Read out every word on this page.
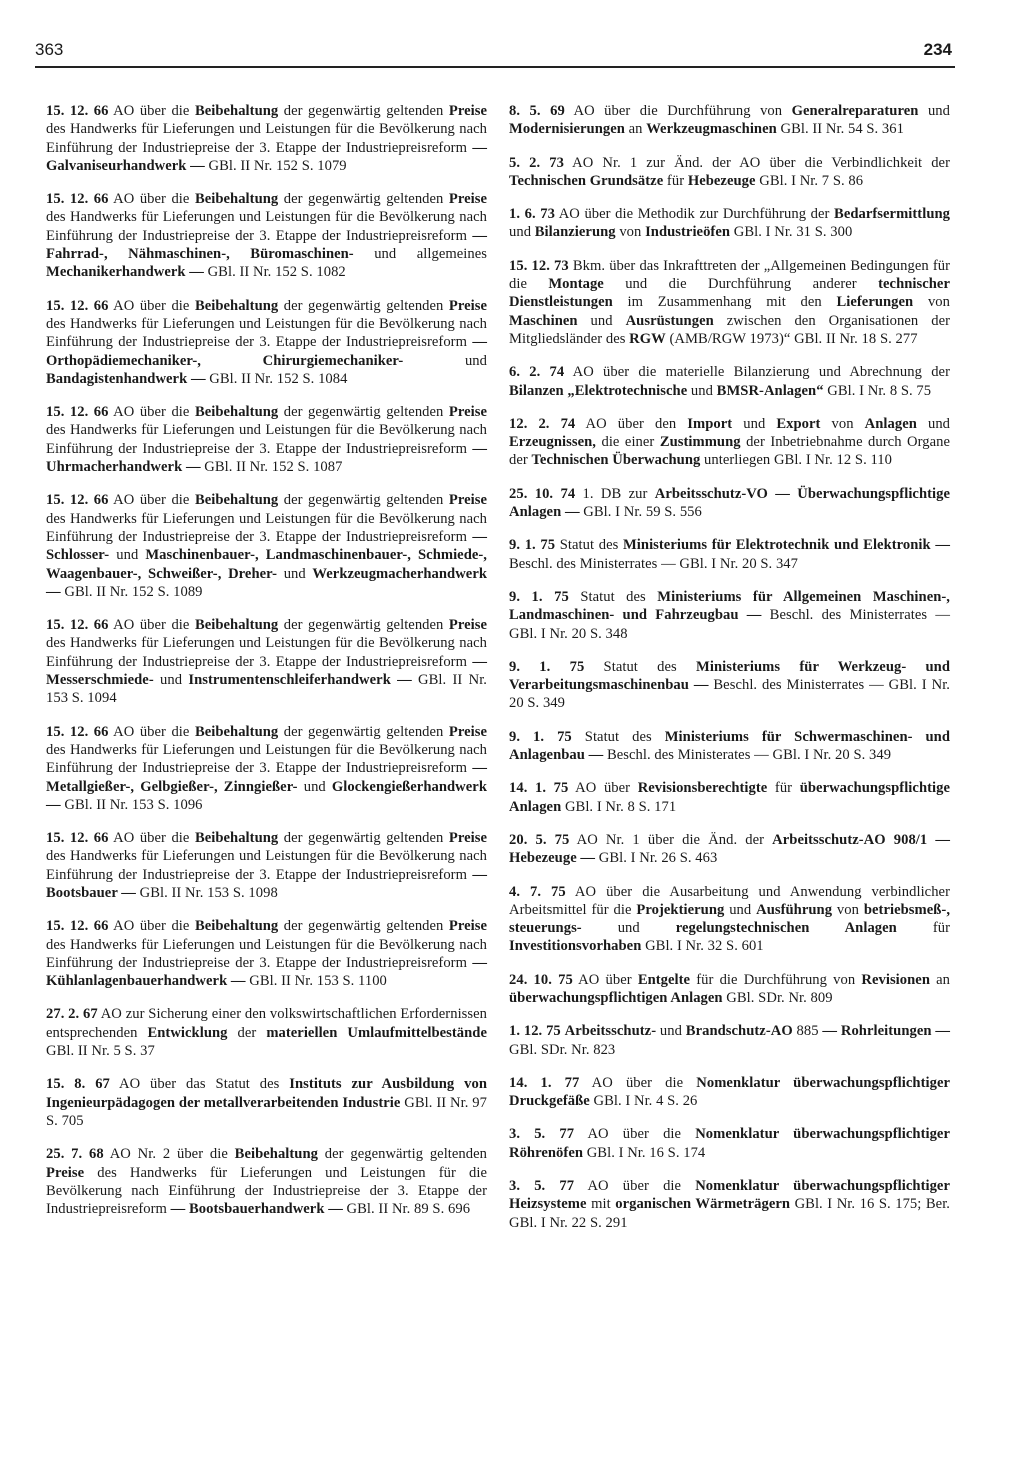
363	234

15. 12. 66 AO über die Beibehaltung der gegenwärtig geltenden Preise des Handwerks für Lieferungen und Leistungen für die Bevölkerung nach Einführung der Industriepreise der 3. Etappe der Industriepreisreform — Galvaniseurhandwerk — GBl. II Nr. 152 S. 1079

15. 12. 66 AO über die Beibehaltung der gegenwärtig geltenden Preise des Handwerks für Lieferungen und Leistungen für die Bevölkerung nach Einführung der Industriepreise der 3. Etappe der Industriepreisreform — Fahrrad-, Nähmaschinen-, Büromaschinen- und allgemeines Mechanikerhandwerk — GBl. II Nr. 152 S. 1082

15. 12. 66 AO über die Beibehaltung der gegenwärtig geltenden Preise des Handwerks für Lieferungen und Leistungen für die Bevölkerung nach Einführung der Industriepreise der 3. Etappe der Industriepreisreform — Orthopädiemechaniker-, Chirurgiemechaniker- und Bandagistenhandwerk — GBl. II Nr. 152 S. 1084

15. 12. 66 AO über die Beibehaltung der gegenwärtig geltenden Preise des Handwerks für Lieferungen und Leistungen für die Bevölkerung nach Einführung der Industriepreise der 3. Etappe der Industriepreisreform — Uhrmacherhandwerk — GBl. II Nr. 152 S. 1087

15. 12. 66 AO über die Beibehaltung der gegenwärtig geltenden Preise des Handwerks für Lieferungen und Leistungen für die Bevölkerung nach Einführung der Industriepreise der 3. Etappe der Industriepreisreform — Schlosser- und Maschinenbauer-, Landmaschinenbauer-, Schmiede-, Waagenbauer-, Schweißer-, Dreher- und Werkzeugmacherhandwerk — GBl. II Nr. 152 S. 1089

15. 12. 66 AO über die Beibehaltung der gegenwärtig geltenden Preise des Handwerks für Lieferungen und Leistungen für die Bevölkerung nach Einführung der Industriepreise der 3. Etappe der Industriepreisreform — Messerschmiede- und Instrumentenschleiferhandwerk — GBl. II Nr. 153 S. 1094

15. 12. 66 AO über die Beibehaltung der gegenwärtig geltenden Preise des Handwerks für Lieferungen und Leistungen für die Bevölkerung nach Einführung der Industriepreise der 3. Etappe der Industriepreisreform — Metallgießer-, Gelbgießer-, Zinngießer- und Glockengießerhandwerk — GBl. II Nr. 153 S. 1096

15. 12. 66 AO über die Beibehaltung der gegenwärtig geltenden Preise des Handwerks für Lieferungen und Leistungen für die Bevölkerung nach Einführung der Industriepreise der 3. Etappe der Industriepreisreform — Bootsbauer — GBl. II Nr. 153 S. 1098

15. 12. 66 AO über die Beibehaltung der gegenwärtig geltenden Preise des Handwerks für Lieferungen und Leistungen für die Bevölkerung nach Einführung der Industriepreise der 3. Etappe der Industriepreisreform — Kühlanlagenbauerhandwerk — GBl. II Nr. 153 S. 1100

27. 2. 67 AO zur Sicherung einer den volkswirtschaftlichen Erfordernissen entsprechenden Entwicklung der materiellen Umlaufmittelbestände GBl. II Nr. 5 S. 37

15. 8. 67 AO über das Statut des Instituts zur Ausbildung von Ingenieurpädagogen der metallverarbeitenden Industrie GBl. II Nr. 97 S. 705

25. 7. 68 AO Nr. 2 über die Beibehaltung der gegenwärtig geltenden Preise des Handwerks für Lieferungen und Leistungen für die Bevölkerung nach Einführung der Industriepreise der 3. Etappe der Industriepreisreform — Bootsbauerhandwerk — GBl. II Nr. 89 S. 696

8. 5. 69 AO über die Durchführung von Generalreparaturen und Modernisierungen an Werkzeugmaschinen GBl. II Nr. 54 S. 361

5. 2. 73 AO Nr. 1 zur Änd. der AO über die Verbindlichkeit der Technischen Grundsätze für Hebezeuge GBl. I Nr. 7 S. 86

1. 6. 73 AO über die Methodik zur Durchführung der Bedarfsermittlung und Bilanzierung von Industrieöfen GBl. I Nr. 31 S. 300

15. 12. 73 Bkm. über das Inkrafttreten der „Allgemeinen Bedingungen für die Montage und die Durchführung anderer technischer Dienstleistungen im Zusammenhang mit den Lieferungen von Maschinen und Ausrüstungen zwischen den Organisationen der Mitgliedsländer des RGW (AMB/RGW 1973)“ GBl. II Nr. 18 S. 277

6. 2. 74 AO über die materielle Bilanzierung und Abrechnung der Bilanzen „Elektrotechnische und BMSR-Anlagen“ GBl. I Nr. 8 S. 75

12. 2. 74 AO über den Import und Export von Anlagen und Erzeugnissen, die einer Zustimmung der Inbetriebnahme durch Organe der Technischen Überwachung unterliegen GBl. I Nr. 12 S. 110

25. 10. 74 1. DB zur Arbeitsschutz-VO — Überwachungspflichtige Anlagen — GBl. I Nr. 59 S. 556

9. 1. 75 Statut des Ministeriums für Elektrotechnik und Elektronik — Beschl. des Ministerrates — GBl. I Nr. 20 S. 347

9. 1. 75 Statut des Ministeriums für Allgemeinen Maschinen-, Landmaschinen- und Fahrzeugbau — Beschl. des Ministerrates — GBl. I Nr. 20 S. 348

9. 1. 75 Statut des Ministeriums für Werkzeug- und Verarbeitungsmaschinenbau — Beschl. des Ministerrates — GBl. I Nr. 20 S. 349

9. 1. 75 Statut des Ministeriums für Schwermaschinen- und Anlagenbau — Beschl. des Ministerates — GBl. I Nr. 20 S. 349

14. 1. 75 AO über Revisionsberechtigte für überwachungspflichtige Anlagen GBl. I Nr. 8 S. 171

20. 5. 75 AO Nr. 1 über die Änd. der Arbeitsschutz-AO 908/1 — Hebezeuge — GBl. I Nr. 26 S. 463

4. 7. 75 AO über die Ausarbeitung und Anwendung verbindlicher Arbeitsmittel für die Projektierung und Ausführung von betriebsmeß-, steuerungs- und regelungstechnischen Anlagen für Investitionsvorhaben GBl. I Nr. 32 S. 601

24. 10. 75 AO über Entgelte für die Durchführung von Revisionen an überwachungspflichtigen Anlagen GBl. SDr. Nr. 809

1. 12. 75 Arbeitsschutz- und Brandschutz-AO 885 — Rohrleitungen — GBl. SDr. Nr. 823

14. 1. 77 AO über die Nomenklatur überwachungspflichtiger Druckgefäße GBl. I Nr. 4 S. 26

3. 5. 77 AO über die Nomenklatur überwachungspflichtiger Röhrenöfen GBl. I Nr. 16 S. 174

3. 5. 77 AO über die Nomenklatur überwachungspflichtiger Heizsysteme mit organischen Wärmeträgern GBl. I Nr. 16 S. 175; Ber. GBl. I Nr. 22 S. 291
